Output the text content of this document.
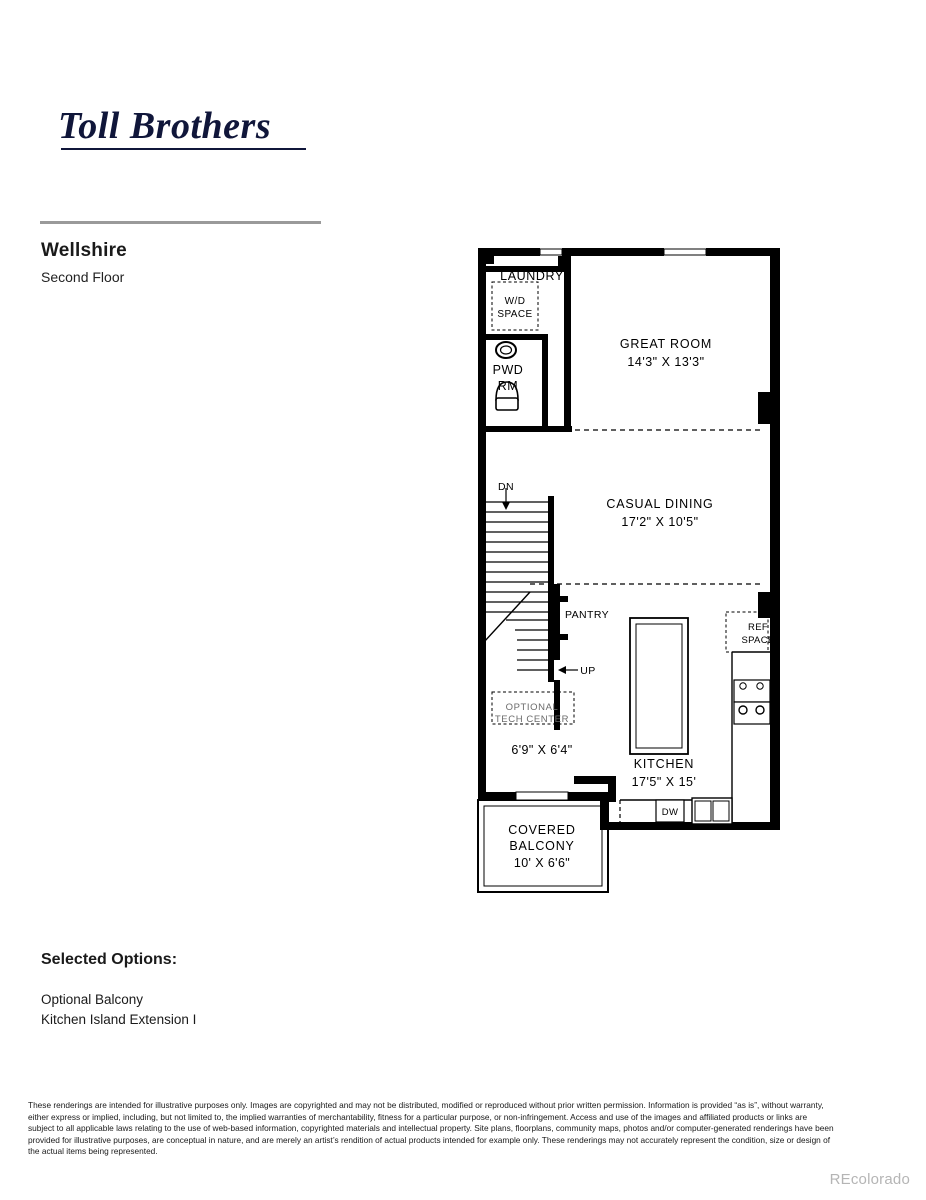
Toll Brothers
Wellshire
Second Floor	LAUNDRY
W/D
SPACE
PWD
RM
GREAT ROOM
14'3" X 13'3"
CASUAL DINING
17'2" X 10'5"
DN
UP
PANTRY
REF
SPACE
OPTIONAL
TECH CENTER
6'9" X 6'4"
KITCHEN
17'5" X 15'
DW
COVERED
BALCONY
10' X 6'6"
Selected Options:
Optional Balcony
Kitchen Island Extension I
These renderings are intended for illustrative purposes only. Images are copyrighted and may not be distributed, modified or reproduced without prior written permission. Information is provided “as is”, without warranty, either express or implied, including, but not limited to, the implied warranties of merchantability, fitness for a particular purpose, or non-infringement. Access and use of the images and affiliated products or links are subject to all applicable laws relating to the use of web-based information, copyrighted materials and intellectual property. Site plans, floorplans, community maps, photos and/or computer-generated renderings have been provided for illustrative purposes, are conceptual in nature, and are merely an artist’s rendition of actual products intended for example only. These renderings may not accurately represent the condition, size or design of the actual items being represented.
REcolorado
